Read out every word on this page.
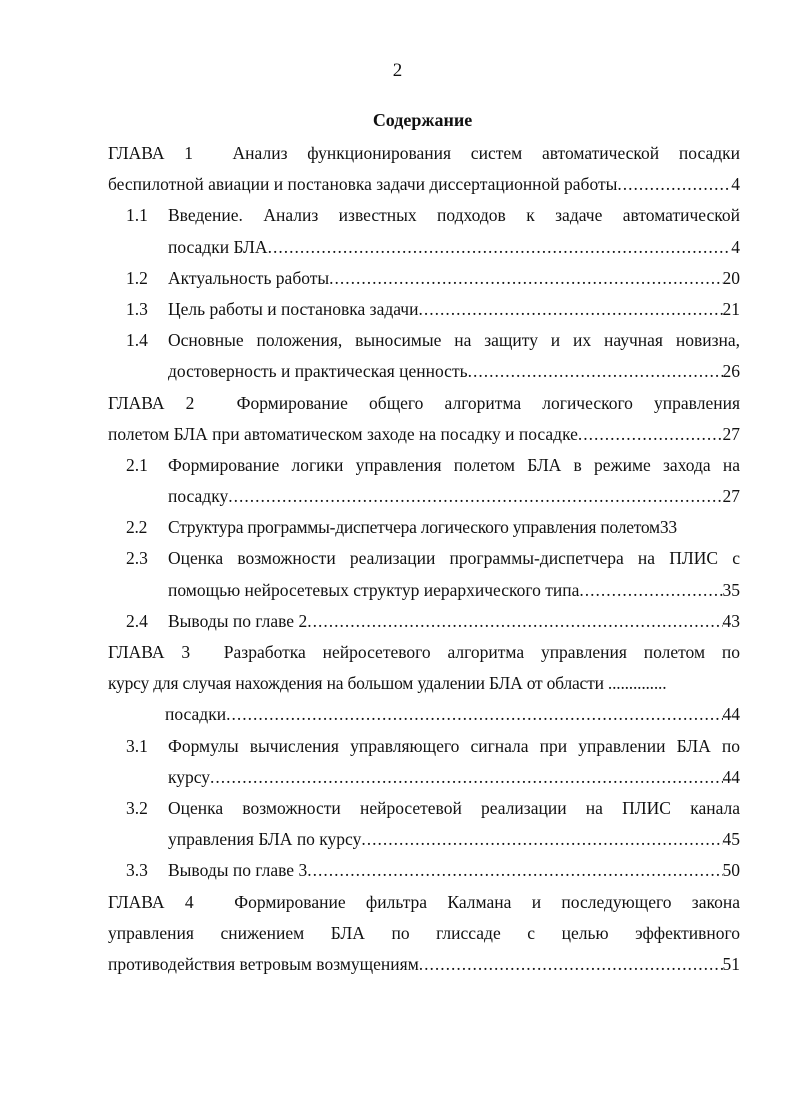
2
Содержание
ГЛАВА 1 Анализ функционирования систем автоматической посадки
беспилотной авиации и постановка задачи диссертационной работы .....	4
1.1 Введение. Анализ известных подходов к задаче автоматической
посадки БЛА .....	4
1.2 Актуальность работы .....	20
1.3 Цель работы и постановка задачи .....	21
1.4 Основные положения, выносимые на защиту и их научная новизна,
достоверность и практическая ценность .....	26
ГЛАВА 2 Формирование общего алгоритма логического управления
полетом БЛА при автоматическом заходе на посадку и посадке .....	27
2.1 Формирование логики управления полетом БЛА в режиме захода на
посадку .....	27
2.2 Структура программы-диспетчера логического управления полетом33
2.3 Оценка возможности реализации программы-диспетчера на ПЛИС с
помощью нейросетевых структур иерархического типа .....	35
2.4 Выводы по главе 2 .....	43
ГЛАВА 3 Разработка нейросетевого алгоритма управления полетом по
курсу для случая нахождения на большом удалении БЛА от области ..............
посадки .....	44
3.1 Формулы вычисления управляющего сигнала при управлении БЛА по
курсу .....	44
3.2 Оценка возможности нейросетевой реализации на ПЛИС канала
управления БЛА по курсу .....	45
3.3 Выводы по главе 3 .....	50
ГЛАВА 4 Формирование фильтра Калмана и последующего закона
управления снижением БЛА по глиссаде с целью эффективного
противодействия ветровым возмущениям .....	51
